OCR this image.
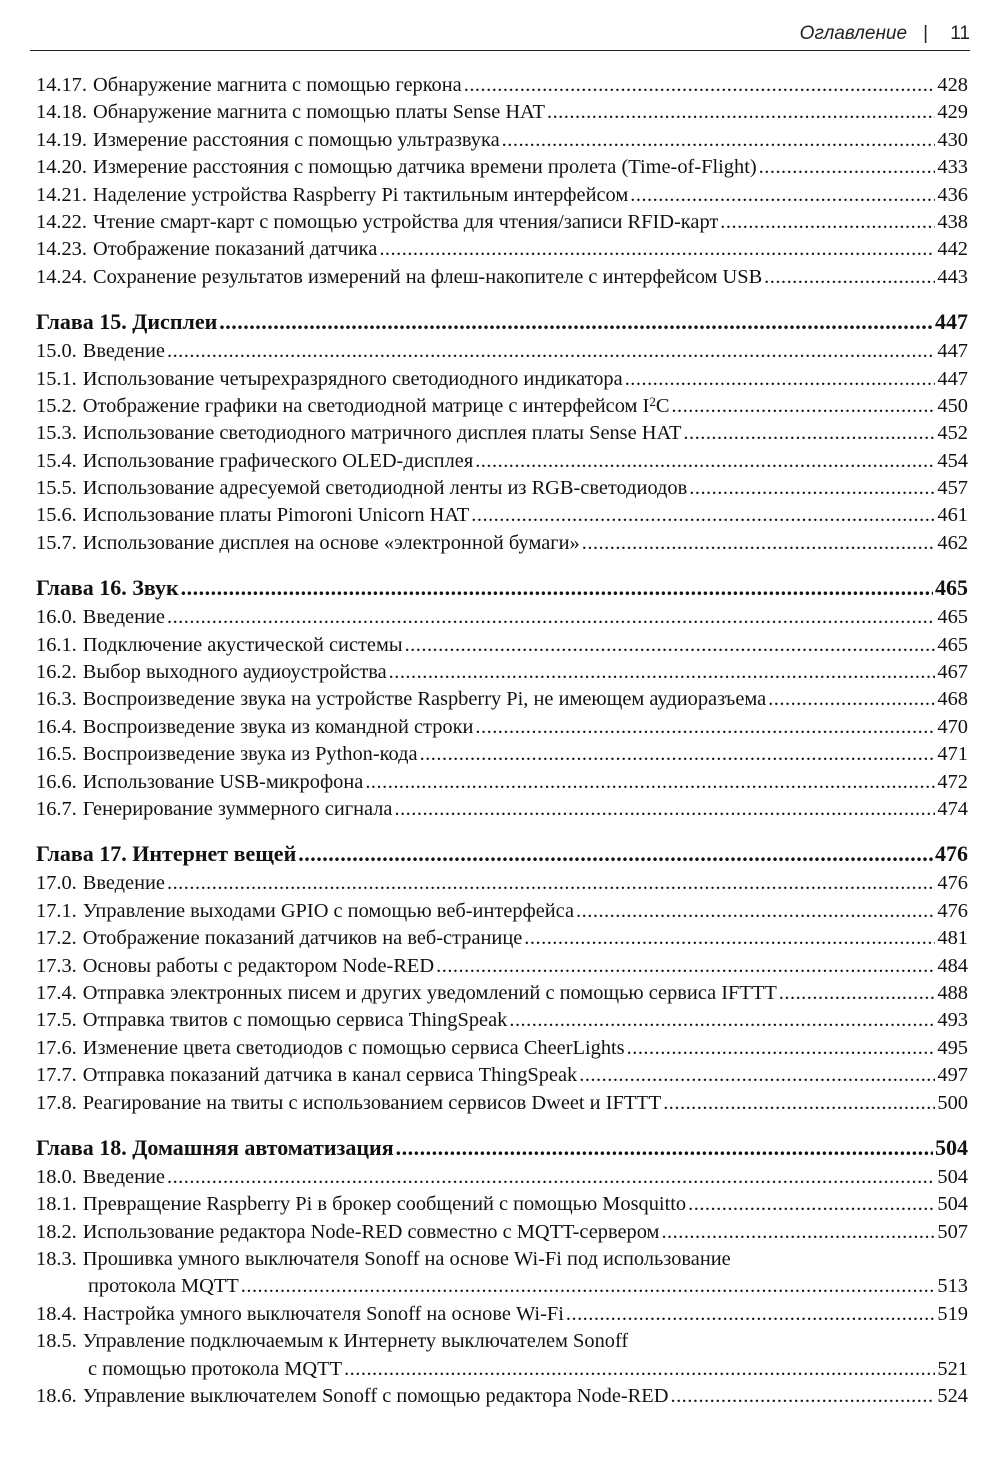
Оглавление |	11
14.17. Обнаружение магнита с помощью геркона .....	428
14.18. Обнаружение магнита с помощью платы Sense HAT .....	429
14.19. Измерение расстояния с помощью ультразвука .....	430
14.20. Измерение расстояния с помощью датчика времени пролета (Time-of-Flight) .....	433
14.21. Наделение устройства Raspberry Pi тактильным интерфейсом .....	436
14.22. Чтение смарт-карт с помощью устройства для чтения/записи RFID-карт .....	438
14.23. Отображение показаний датчика .....	442
14.24. Сохранение результатов измерений на флеш-накопителе с интерфейсом USB .....	443
Глава 15. Дисплеи .....	447
15.0. Введение .....	447
15.1. Использование четырехразрядного светодиодного индикатора .....	447
15.2. Отображение графики на светодиодной матрице с интерфейсом $I^2C$ .....	450
15.3. Использование светодиодного матричного дисплея платы Sense HAT .....	452
15.4. Использование графического OLED-дисплея .....	454
15.5. Использование адресуемой светодиодной ленты из RGB-светодиодов .....	457
15.6. Использование платы Pimoroni Unicorn HAT .....	461
15.7. Использование дисплея на основе «электронной бумаги» .....	462
Глава 16. Звук .....	465
16.0. Введение .....	465
16.1. Подключение акустической системы .....	465
16.2. Выбор выходного аудиоустройства .....	467
16.3. Воспроизведение звука на устройстве Raspberry Pi, не имеющем аудиоразъема .....	468
16.4. Воспроизведение звука из командной строки .....	470
16.5. Воспроизведение звука из Python-кода .....	471
16.6. Использование USB-микрофона .....	472
16.7. Генерирование зуммерного сигнала .....	474
Глава 17. Интернет вещей .....	476
17.0. Введение .....	476
17.1. Управление выходами GPIO с помощью веб-интерфейса .....	476
17.2. Отображение показаний датчиков на веб-странице .....	481
17.3. Основы работы с редактором Node-RED .....	484
17.4. Отправка электронных писем и других уведомлений с помощью сервиса IFTTT .....	488
17.5. Отправка твитов с помощью сервиса ThingSpeak .....	493
17.6. Изменение цвета светодиодов с помощью сервиса CheerLights .....	495
17.7. Отправка показаний датчика в канал сервиса ThingSpeak .....	497
17.8. Реагирование на твиты с использованием сервисов Dweet и IFTTT .....	500
Глава 18. Домашняя автоматизация .....	504
18.0. Введение .....	504
18.1. Превращение Raspberry Pi в брокер сообщений с помощью Mosquitto .....	504
18.2. Использование редактора Node-RED совместно с MQTT-сервером .....	507
18.3. Прошивка умного выключателя Sonoff на основе Wi-Fi под использование
протокола MQTT .....	513
18.4. Настройка умного выключателя Sonoff на основе Wi-Fi .....	519
18.5. Управление подключаемым к Интернету выключателем Sonoff
с помощью протокола MQTT .....	521
18.6. Управление выключателем Sonoff с помощью редактора Node-RED .....	524
